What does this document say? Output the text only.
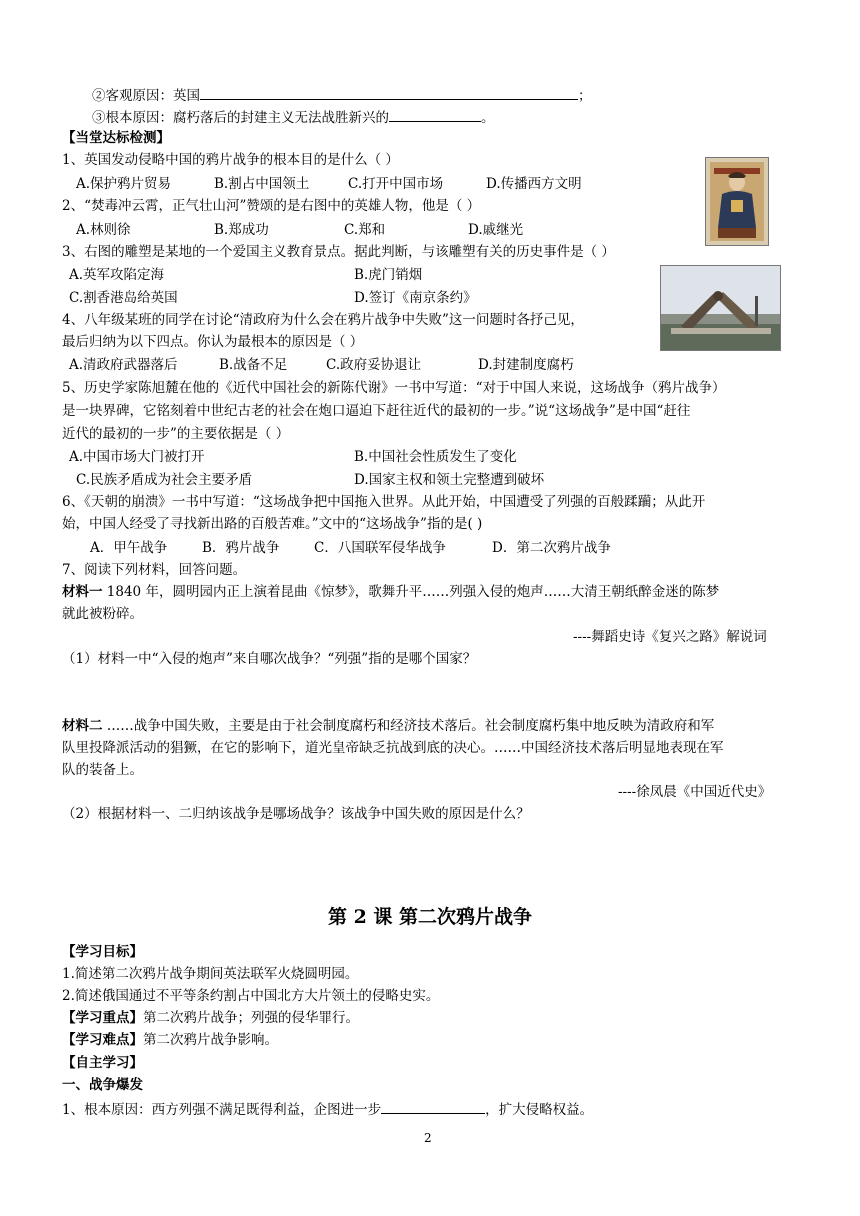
②客观原因：英国	；
③根本原因：腐朽落后的封建主义无法战胜新兴的	。
【当堂达标检测】
1、英国发动侵略中国的鸦片战争的根本目的是什么（ ）
A.保护鸦片贸易	B.割占中国领土	C.打开中国市场	D.传播西方文明
2、“焚毒冲云霄，正气壮山河”赞颂的是右图中的英雄人物，他是（ ）
A.林则徐	B.郑成功	C.郑和	D.戚继光
3、右图的雕塑是某地的一个爱国主义教育景点。据此判断，与该雕塑有关的历史事件是（ ）
A.英军攻陷定海	B.虎门销烟
C.割香港岛给英国	D.签订《南京条约》
4、八年级某班的同学在讨论“清政府为什么会在鸦片战争中失败”这一问题时各抒己见，
最后归纳为以下四点。你认为最根本的原因是（ ）
A.清政府武器落后	B.战备不足	C.政府妥协退让	D.封建制度腐朽
5、历史学家陈旭麓在他的《近代中国社会的新陈代谢》一书中写道：“对于中国人来说，这场战争（鸦片战争）
是一块界碑，它铭刻着中世纪古老的社会在炮口逼迫下赶往近代的最初的一步。”说“这场战争”是中国“赶往
近代的最初的一步”的主要依据是（ ）
A.中国市场大门被打开	B.中国社会性质发生了变化
C.民族矛盾成为社会主要矛盾	D.国家主权和领土完整遭到破坏
6、《天朝的崩溃》一书中写道：“这场战争把中国拖入世界。从此开始，中国遭受了列强的百般蹂躏；从此开
始，中国人经受了寻找新出路的百般苦难。”文中的“这场战争”指的是( )
A．甲午战争	B．鸦片战争	C．八国联军侵华战争	D．第二次鸦片战争
7、阅读下列材料，回答问题。
材料一 1840 年，圆明园内正上演着昆曲《惊梦》，歌舞升平……列强入侵的炮声……大清王朝纸醉金迷的陈梦
就此被粉碎。
----舞蹈史诗《复兴之路》解说词
（1）材料一中“入侵的炮声”来自哪次战争？“列强”指的是哪个国家？
材料二 ……战争中国失败，主要是由于社会制度腐朽和经济技术落后。社会制度腐朽集中地反映为清政府和军
队里投降派活动的猖獗，在它的影响下，道光皇帝缺乏抗战到底的决心。……中国经济技术落后明显地表现在军
队的装备上。
----徐凤晨《中国近代史》
（2）根据材料一、二归纳该战争是哪场战争？该战争中国失败的原因是什么？
第 2 课 第二次鸦片战争
【学习目标】
1.简述第二次鸦片战争期间英法联军火烧圆明园。
2.简述俄国通过不平等条约割占中国北方大片领土的侵略史实。
【学习重点】第二次鸦片战争；列强的侵华罪行。
【学习难点】第二次鸦片战争影响。
【自主学习】
一、战争爆发
1、根本原因：西方列强不满足既得利益，企图进一步	，扩大侵略权益。
2
